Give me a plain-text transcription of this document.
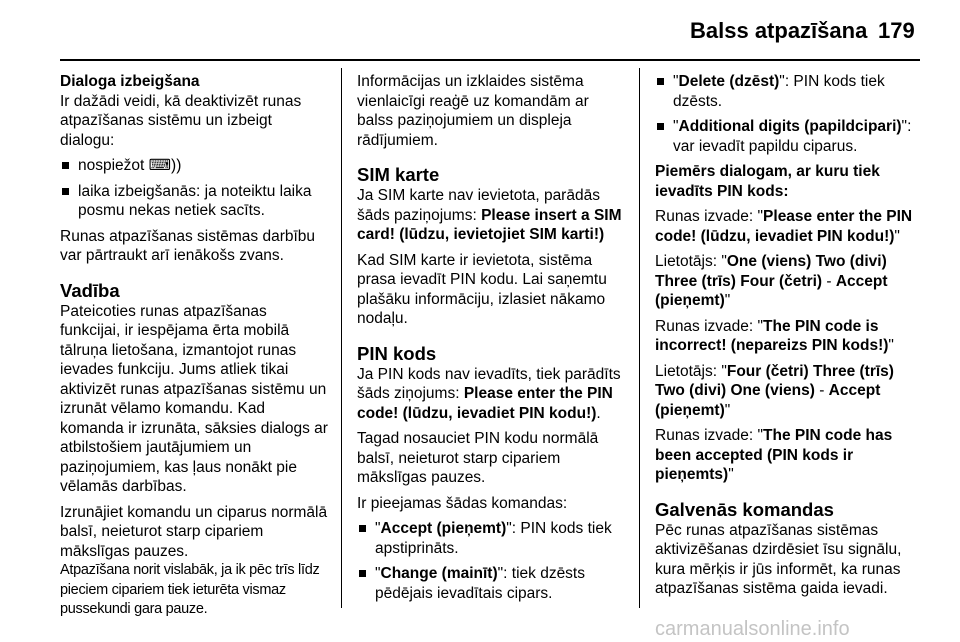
Balss atpazīšana 179

Dialoga izbeigšana

Ir dažādi veidi, kā deaktivizēt runas atpazīšanas sistēmu un izbeigt dialogu:

nospiežot ⌨))
laika izbeigšanās: ja noteiktu laika posmu nekas netiek sacīts.

Runas atpazīšanas sistēmas darbību var pārtraukt arī ienākošs zvans.

Vadība

Pateicoties runas atpazīšanas funkcijai, ir iespējama ērta mobilā tālruņa lietošana, izmantojot runas ievades funkciju. Jums atliek tikai aktivizēt runas atpazīšanas sistēmu un izrunāt vēlamo komandu. Kad komanda ir izrunāta, sāksies dialogs ar atbilstošiem jautājumiem un paziņojumiem, kas ļaus nonākt pie vēlamās darbības.

Izrunājiet komandu un ciparus normālā balsī, neieturot starp cipariem mākslīgas pauzes.

Atpazīšana norit vislabāk, ja ik pēc trīs līdz pieciem cipariem tiek ieturēta vismaz pussekundi gara pauze.

Informācijas un izklaides sistēma vienlaicīgi reaģē uz komandām ar balss paziņojumiem un displeja rādījumiem.

SIM karte

Ja SIM karte nav ievietota, parādās šāds paziņojums: Please insert a SIM card! (lūdzu, ievietojiet SIM karti!)

Kad SIM karte ir ievietota, sistēma prasa ievadīt PIN kodu. Lai saņemtu plašāku informāciju, izlasiet nākamo nodaļu.

PIN kods

Ja PIN kods nav ievadīts, tiek parādīts šāds ziņojums: Please enter the PIN code! (lūdzu, ievadiet PIN kodu!).

Tagad nosauciet PIN kodu normālā balsī, neieturot starp cipariem mākslīgas pauzes.

Ir pieejamas šādas komandas:

"Accept (pieņemt)": PIN kods tiek apstiprināts.
"Change (mainīt)": tiek dzēsts pēdējais ievadītais cipars.
"Delete (dzēst)": PIN kods tiek dzēsts.
"Additional digits (papildcipari)": var ievadīt papildu ciparus.

Piemērs dialogam, ar kuru tiek ievadīts PIN kods:

Runas izvade: "Please enter the PIN code! (lūdzu, ievadiet PIN kodu!)"

Lietotājs: "One (viens) Two (divi) Three (trīs) Four (četri) - Accept (pieņemt)"

Runas izvade: "The PIN code is incorrect! (nepareizs PIN kods!)"

Lietotājs: "Four (četri) Three (trīs) Two (divi) One (viens) - Accept (pieņemt)"

Runas izvade: "The PIN code has been accepted (PIN kods ir pieņemts)"

Galvenās komandas

Pēc runas atpazīšanas sistēmas aktivizēšanas dzirdēsiet īsu signālu, kura mērķis ir jūs informēt, ka runas atpazīšanas sistēma gaida ievadi.

carmanualsonline.info
